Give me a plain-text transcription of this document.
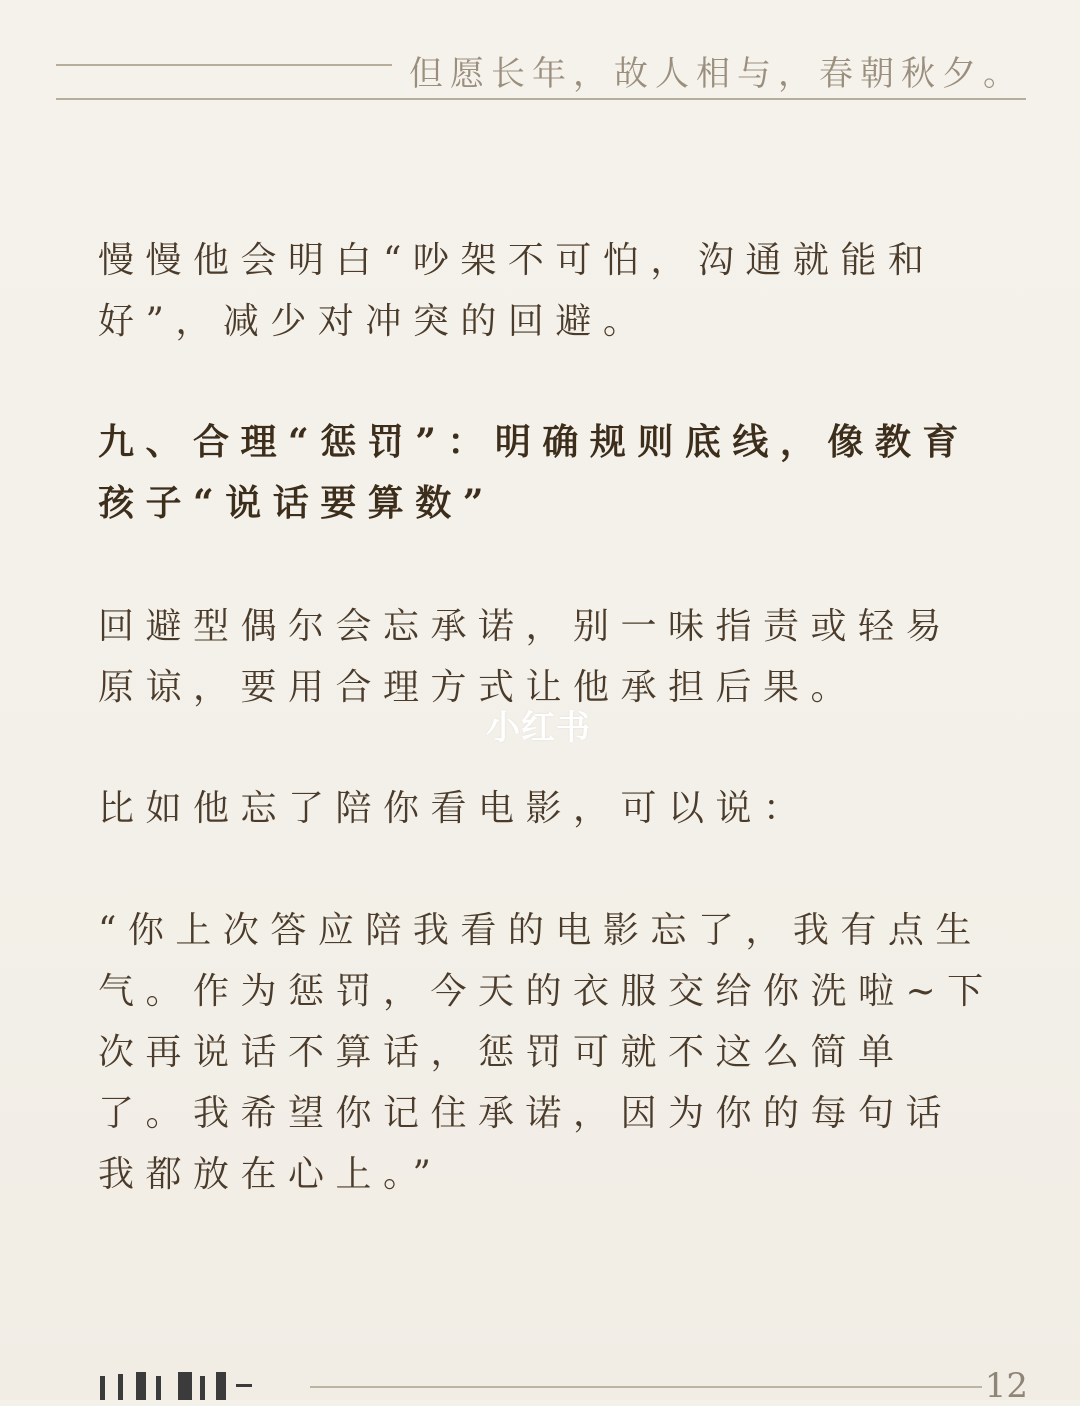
但愿长年，故人相与，春朝秋夕。
慢慢他会明白“吵架不可怕，沟通就能和好”，减少对冲突的回避。
九、合理“惩罚”：明确规则底线，像教育孩子“说话要算数”
回避型偶尔会忘承诺，别一味指责或轻易原谅，要用合理方式让他承担后果。
比如他忘了陪你看电影，可以说：
“你上次答应陪我看的电影忘了，我有点生气。作为惩罚，今天的衣服交给你洗啦~下次再说话不算话，惩罚可就不这么简单了。我希望你记住承诺，因为你的每句话我都放在心上。”
小红书
12
